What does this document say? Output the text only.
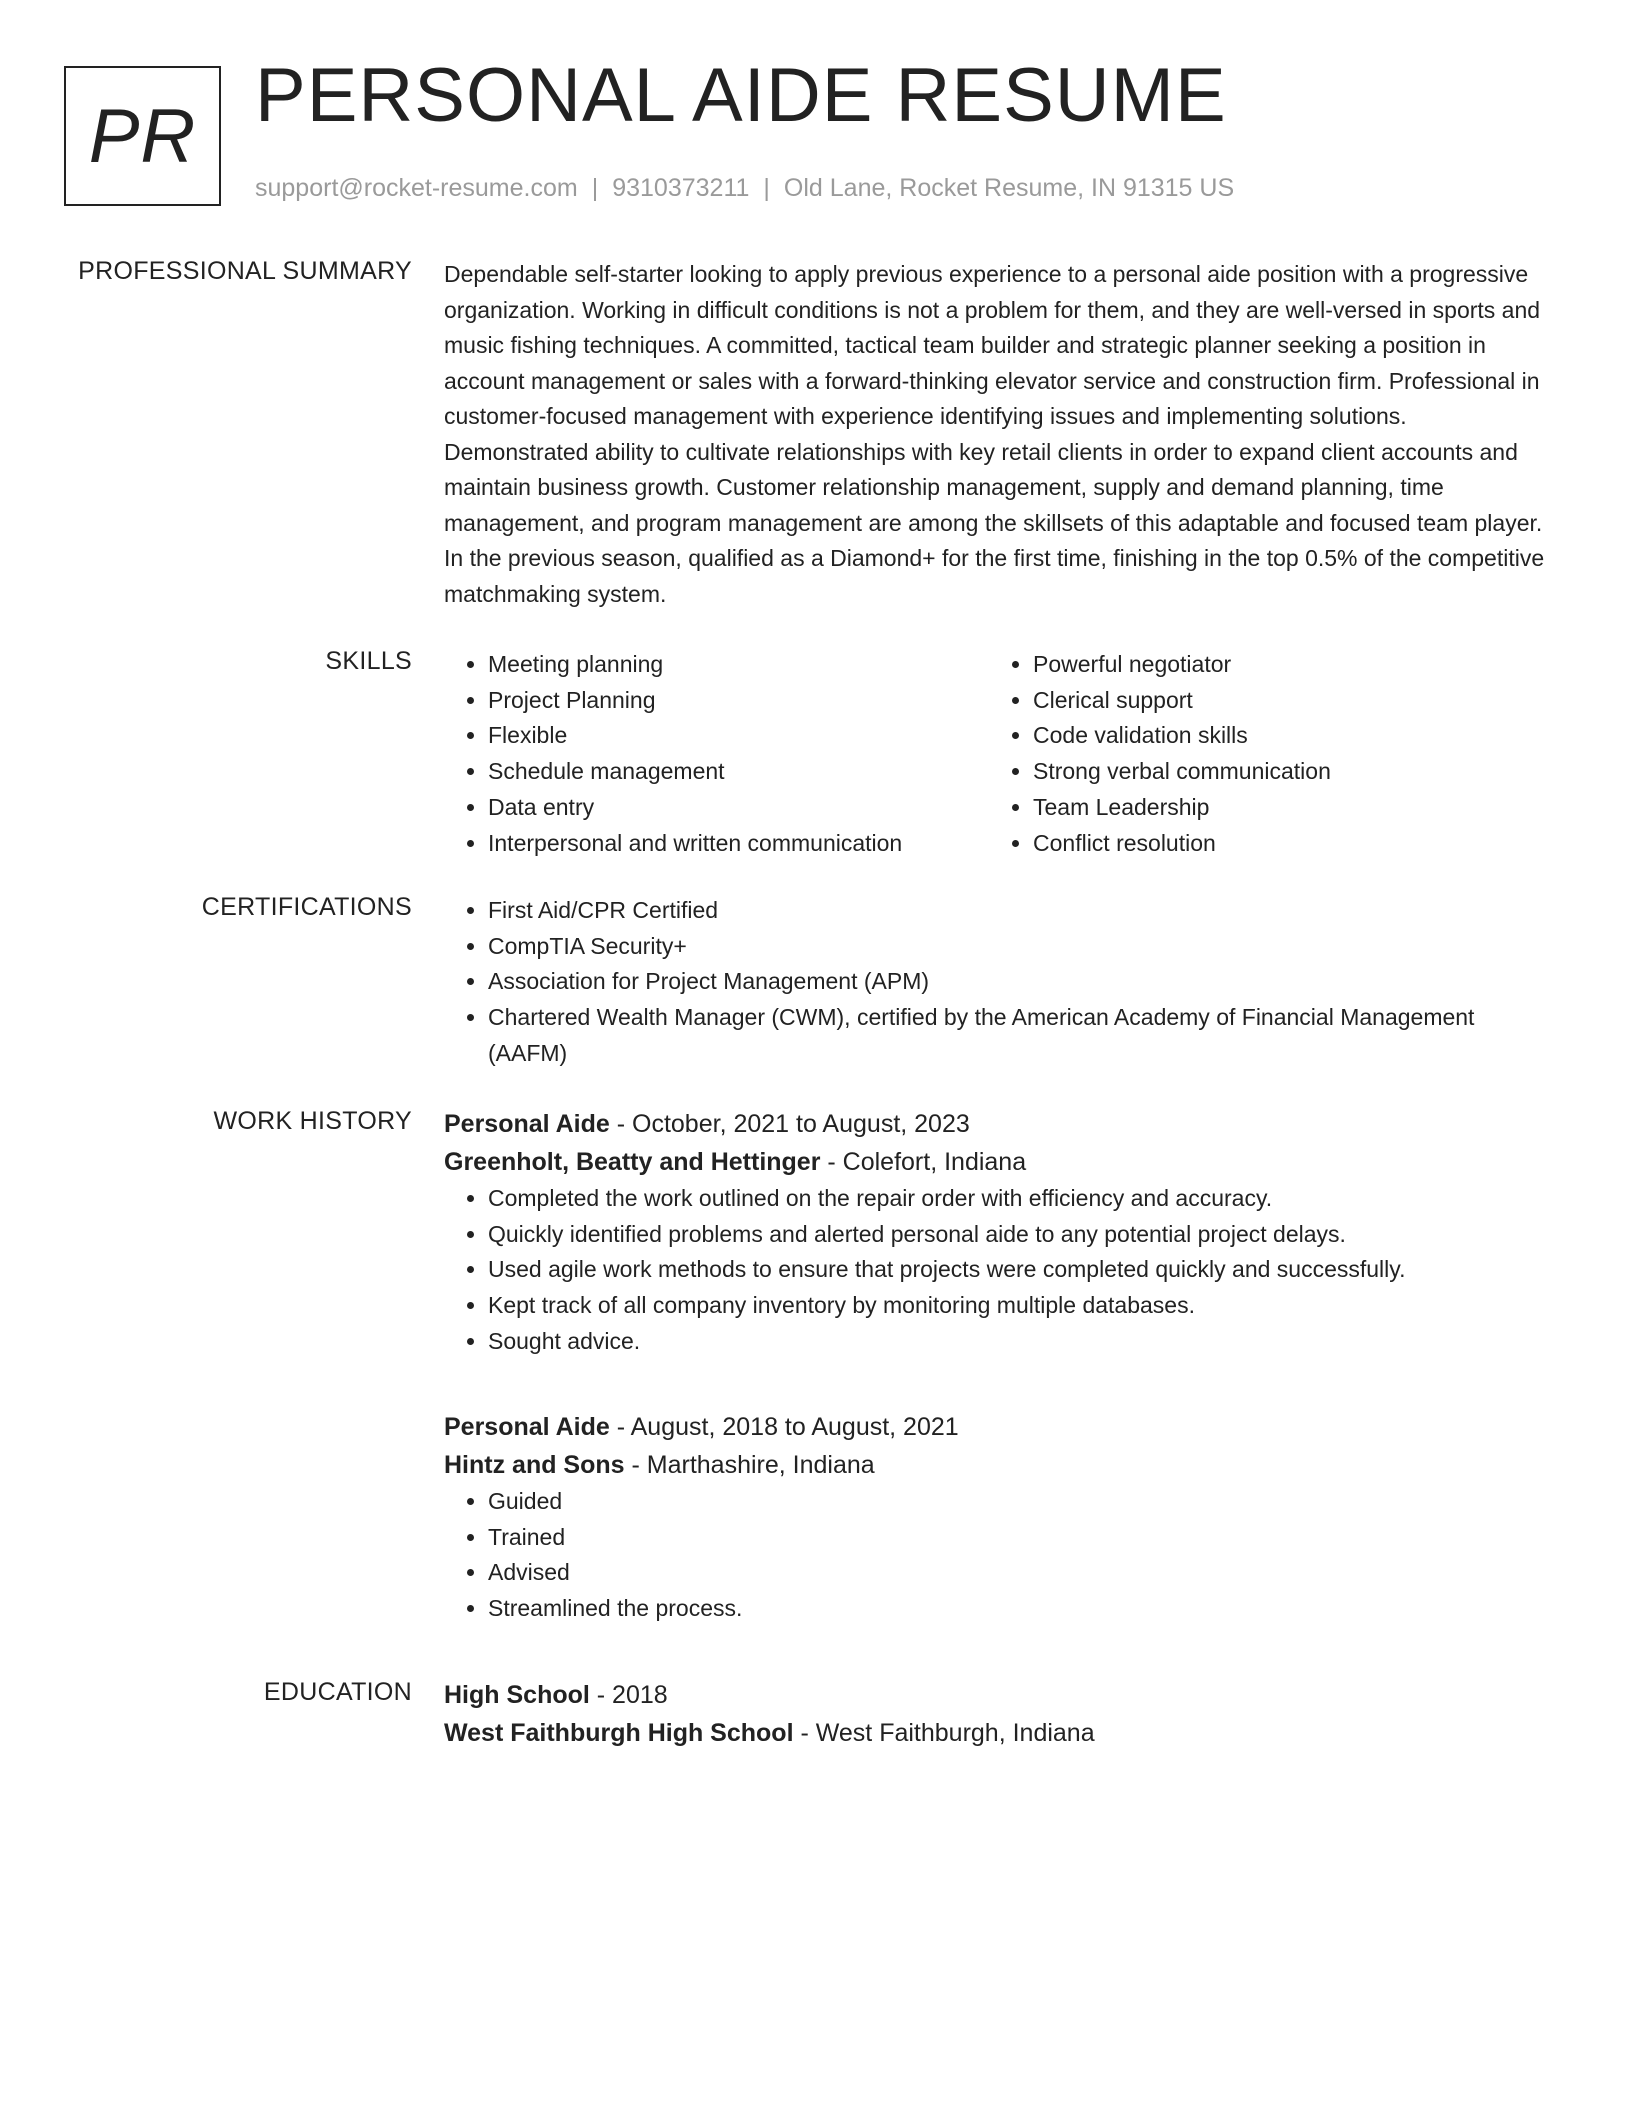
PR PERSONAL AIDE RESUME
support@rocket-resume.com | 9310373211 | Old Lane, Rocket Resume, IN 91315 US
PROFESSIONAL SUMMARY Dependable self-starter looking to apply previous experience to a personal aide position with a progressive organization. Working in difficult conditions is not a problem for them, and they are well-versed in sports and music fishing techniques. A committed, tactical team builder and strategic planner seeking a position in account management or sales with a forward-thinking elevator service and construction firm. Professional in customer-focused management with experience identifying issues and implementing solutions. Demonstrated ability to cultivate relationships with key retail clients in order to expand client accounts and maintain business growth. Customer relationship management, supply and demand planning, time management, and program management are among the skillsets of this adaptable and focused team player. In the previous season, qualified as a Diamond+ for the first time, finishing in the top 0.5% of the competitive matchmaking system.

SKILLS	• Meeting planning
• Project Planning
• Flexible
• Schedule management
• Data entry
• Interpersonal and written communication
• Powerful negotiator
• Clerical support
• Code validation skills
• Strong verbal communication
• Team Leadership
• Conflict resolution
CERTIFICATIONS	• First Aid/CPR Certified
• CompTIA Security+
• Association for Project Management (APM)
• Chartered Wealth Manager (CWM), certified by the American Academy of Financial Management (AAFM)
WORK HISTORY Personal Aide - October, 2021 to August, 2023
Greenholt, Beatty and Hettinger - Colefort, Indiana
• Completed the work outlined on the repair order with efficiency and accuracy.
• Quickly identified problems and alerted personal aide to any potential project delays.
• Used agile work methods to ensure that projects were completed quickly and successfully.
• Kept track of all company inventory by monitoring multiple databases.
• Sought advice.
Personal Aide - August, 2018 to August, 2021
Hintz and Sons - Marthashire, Indiana
• Guided
• Trained
• Advised
• Streamlined the process.
EDUCATION High School - 2018
West Faithburgh High School - West Faithburgh, Indiana
